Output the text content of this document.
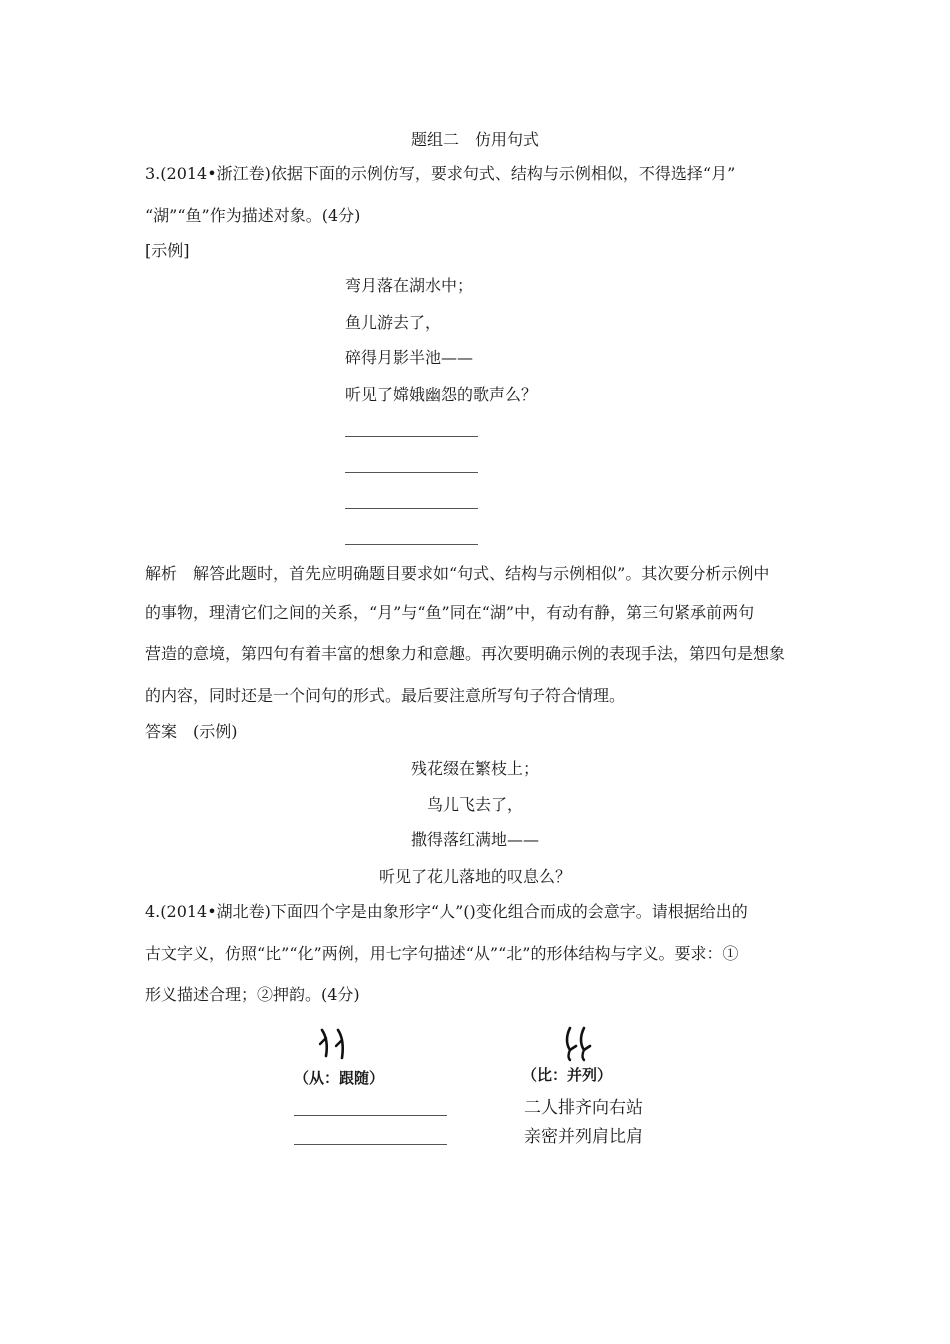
题组二　仿用句式
3.(2014•浙江卷)依据下面的示例仿写，要求句式、结构与示例相似，不得选择“月”
“湖”“鱼”作为描述对象。(4分)
[示例]
弯月落在湖水中；
鱼儿游去了，
碎得月影半池——
听见了嫦娥幽怨的歌声么？
解析　解答此题时，首先应明确题目要求如“句式、结构与示例相似”。其次要分析示例中
的事物，理清它们之间的关系，“月”与“鱼”同在“湖”中，有动有静，第三句紧承前两句
营造的意境，第四句有着丰富的想象力和意趣。再次要明确示例的表现手法，第四句是想象
的内容，同时还是一个问句的形式。最后要注意所写句子符合情理。
答案　(示例)
残花缀在繁枝上；
鸟儿飞去了，
撒得落红满地——
听见了花儿落地的叹息么？
4.(2014•湖北卷)下面四个字是由象形字“人”()变化组合而成的会意字。请根据给出的
古文字义，仿照“比”“化”两例，用七字句描述“从”“北”的形体结构与字义。要求：①
形义描述合理；②押韵。(4分)
（从：跟随）	（比：并列）
二人排齐向右站
亲密并列肩比肩
